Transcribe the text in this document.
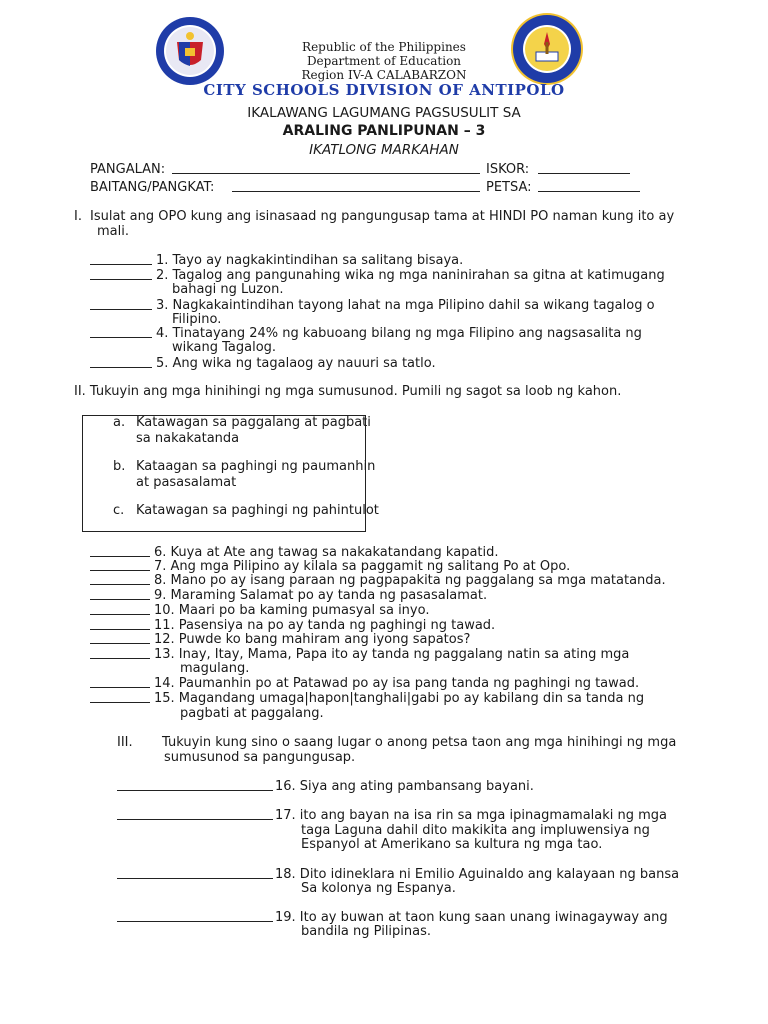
Republic of the Philippines
Department of Education
Region IV-A CALABARZON
CITY SCHOOLS DIVISION OF ANTIPOLO
IKALAWANG LAGUMANG PAGSUSULIT SA
ARALING PANLIPUNAN – 3
IKATLONG MARKAHAN
PANGALAN:	ISKOR:
BAITANG/PANGKAT:	PETSA:
I. Isulat ang OPO kung ang isinasaad ng pangungusap tama at HINDI PO naman kung ito ay
mali.
1. Tayo ay nagkakintindihan sa salitang bisaya.
2. Tagalog ang pangunahing wika ng mga naninirahan sa gitna at katimugang
bahagi ng Luzon.
3. Nagkakaintindihan tayong lahat na mga Pilipino dahil sa wikang tagalog o
Filipino.
4. Tinatayang 24% ng kabuoang bilang ng mga Filipino ang nagsasalita ng
wikang Tagalog.
5. Ang wika ng tagalaog ay nauuri sa tatlo.
II. Tukuyin ang mga hinihingi ng mga sumusunod. Pumili ng sagot sa loob ng kahon.
a. Katawagan sa paggalang at pagbati
sa nakakatanda
b. Kataagan sa paghingi ng paumanhin
at pasasalamat
c. Katawagan sa paghingi ng pahintulot
6. Kuya at Ate ang tawag sa nakakatandang kapatid.
7. Ang mga Pilipino ay kilala sa paggamit ng salitang Po at Opo.
8. Mano po ay isang paraan ng pagpapakita ng paggalang sa mga matatanda.
9. Maraming Salamat po ay tanda ng pasasalamat.
10. Maari po ba kaming pumasyal sa inyo.
11. Pasensiya na po ay tanda ng paghingi ng tawad.
12. Puwde ko bang mahiram ang iyong sapatos?
13. Inay, Itay, Mama, Papa ito ay tanda ng paggalang natin sa ating mga
magulang.
14. Paumanhin po at Patawad po ay isa pang tanda ng paghingi ng tawad.
15. Magandang umaga|hapon|tanghali|gabi po ay kabilang din sa tanda ng
pagbati at paggalang.
III. Tukuyin kung sino o saang lugar o anong petsa taon ang mga hinihingi ng mga
sumusunod sa pangungusap.
16. Siya ang ating pambansang bayani.
17. ito ang bayan na isa rin sa mga ipinagmamalaki ng mga
taga Laguna dahil dito makikita ang impluwensiya ng
Espanyol at Amerikano sa kultura ng mga tao.
18. Dito idineklara ni Emilio Aguinaldo ang kalayaan ng bansa
Sa kolonya ng Espanya.
19. Ito ay buwan at taon kung saan unang iwinagayway ang
bandila ng Pilipinas.
